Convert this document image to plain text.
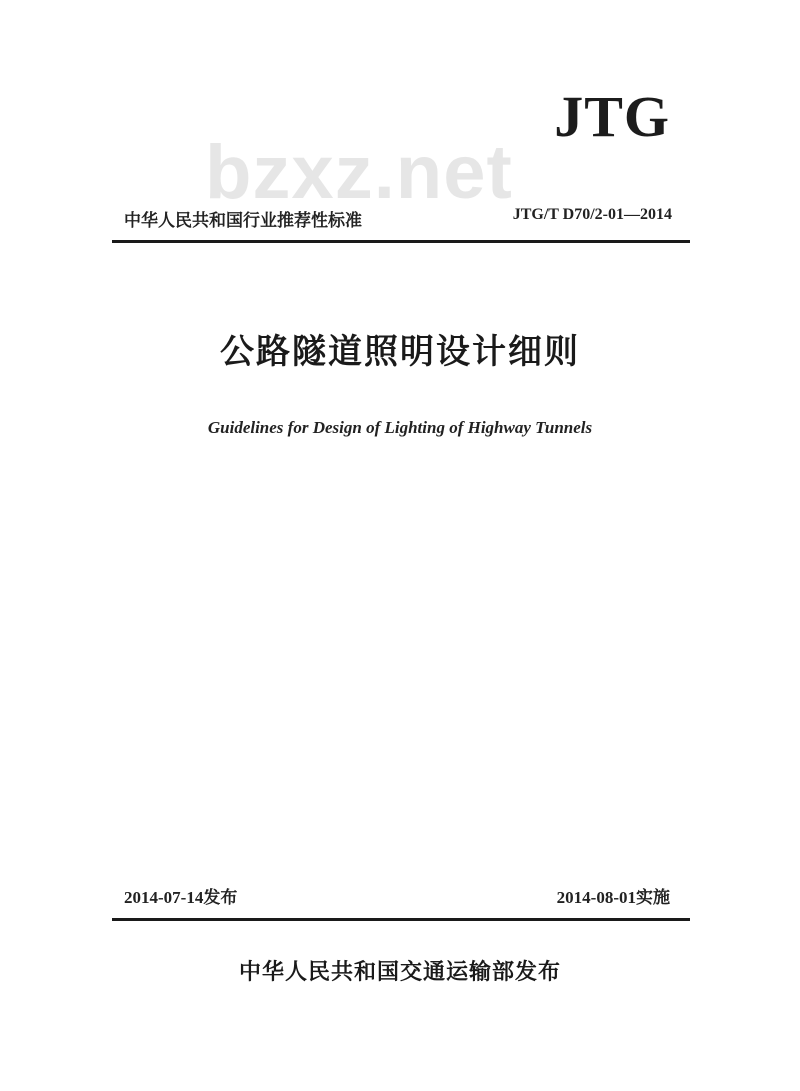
JTG
bzxz.net
中华人民共和国行业推荐性标准	JTG/T D70/2-01—2014
公路隧道照明设计细则
Guidelines for Design of Lighting of Highway Tunnels
2014-07-14发布	2014-08-01实施
中华人民共和国交通运输部发布
